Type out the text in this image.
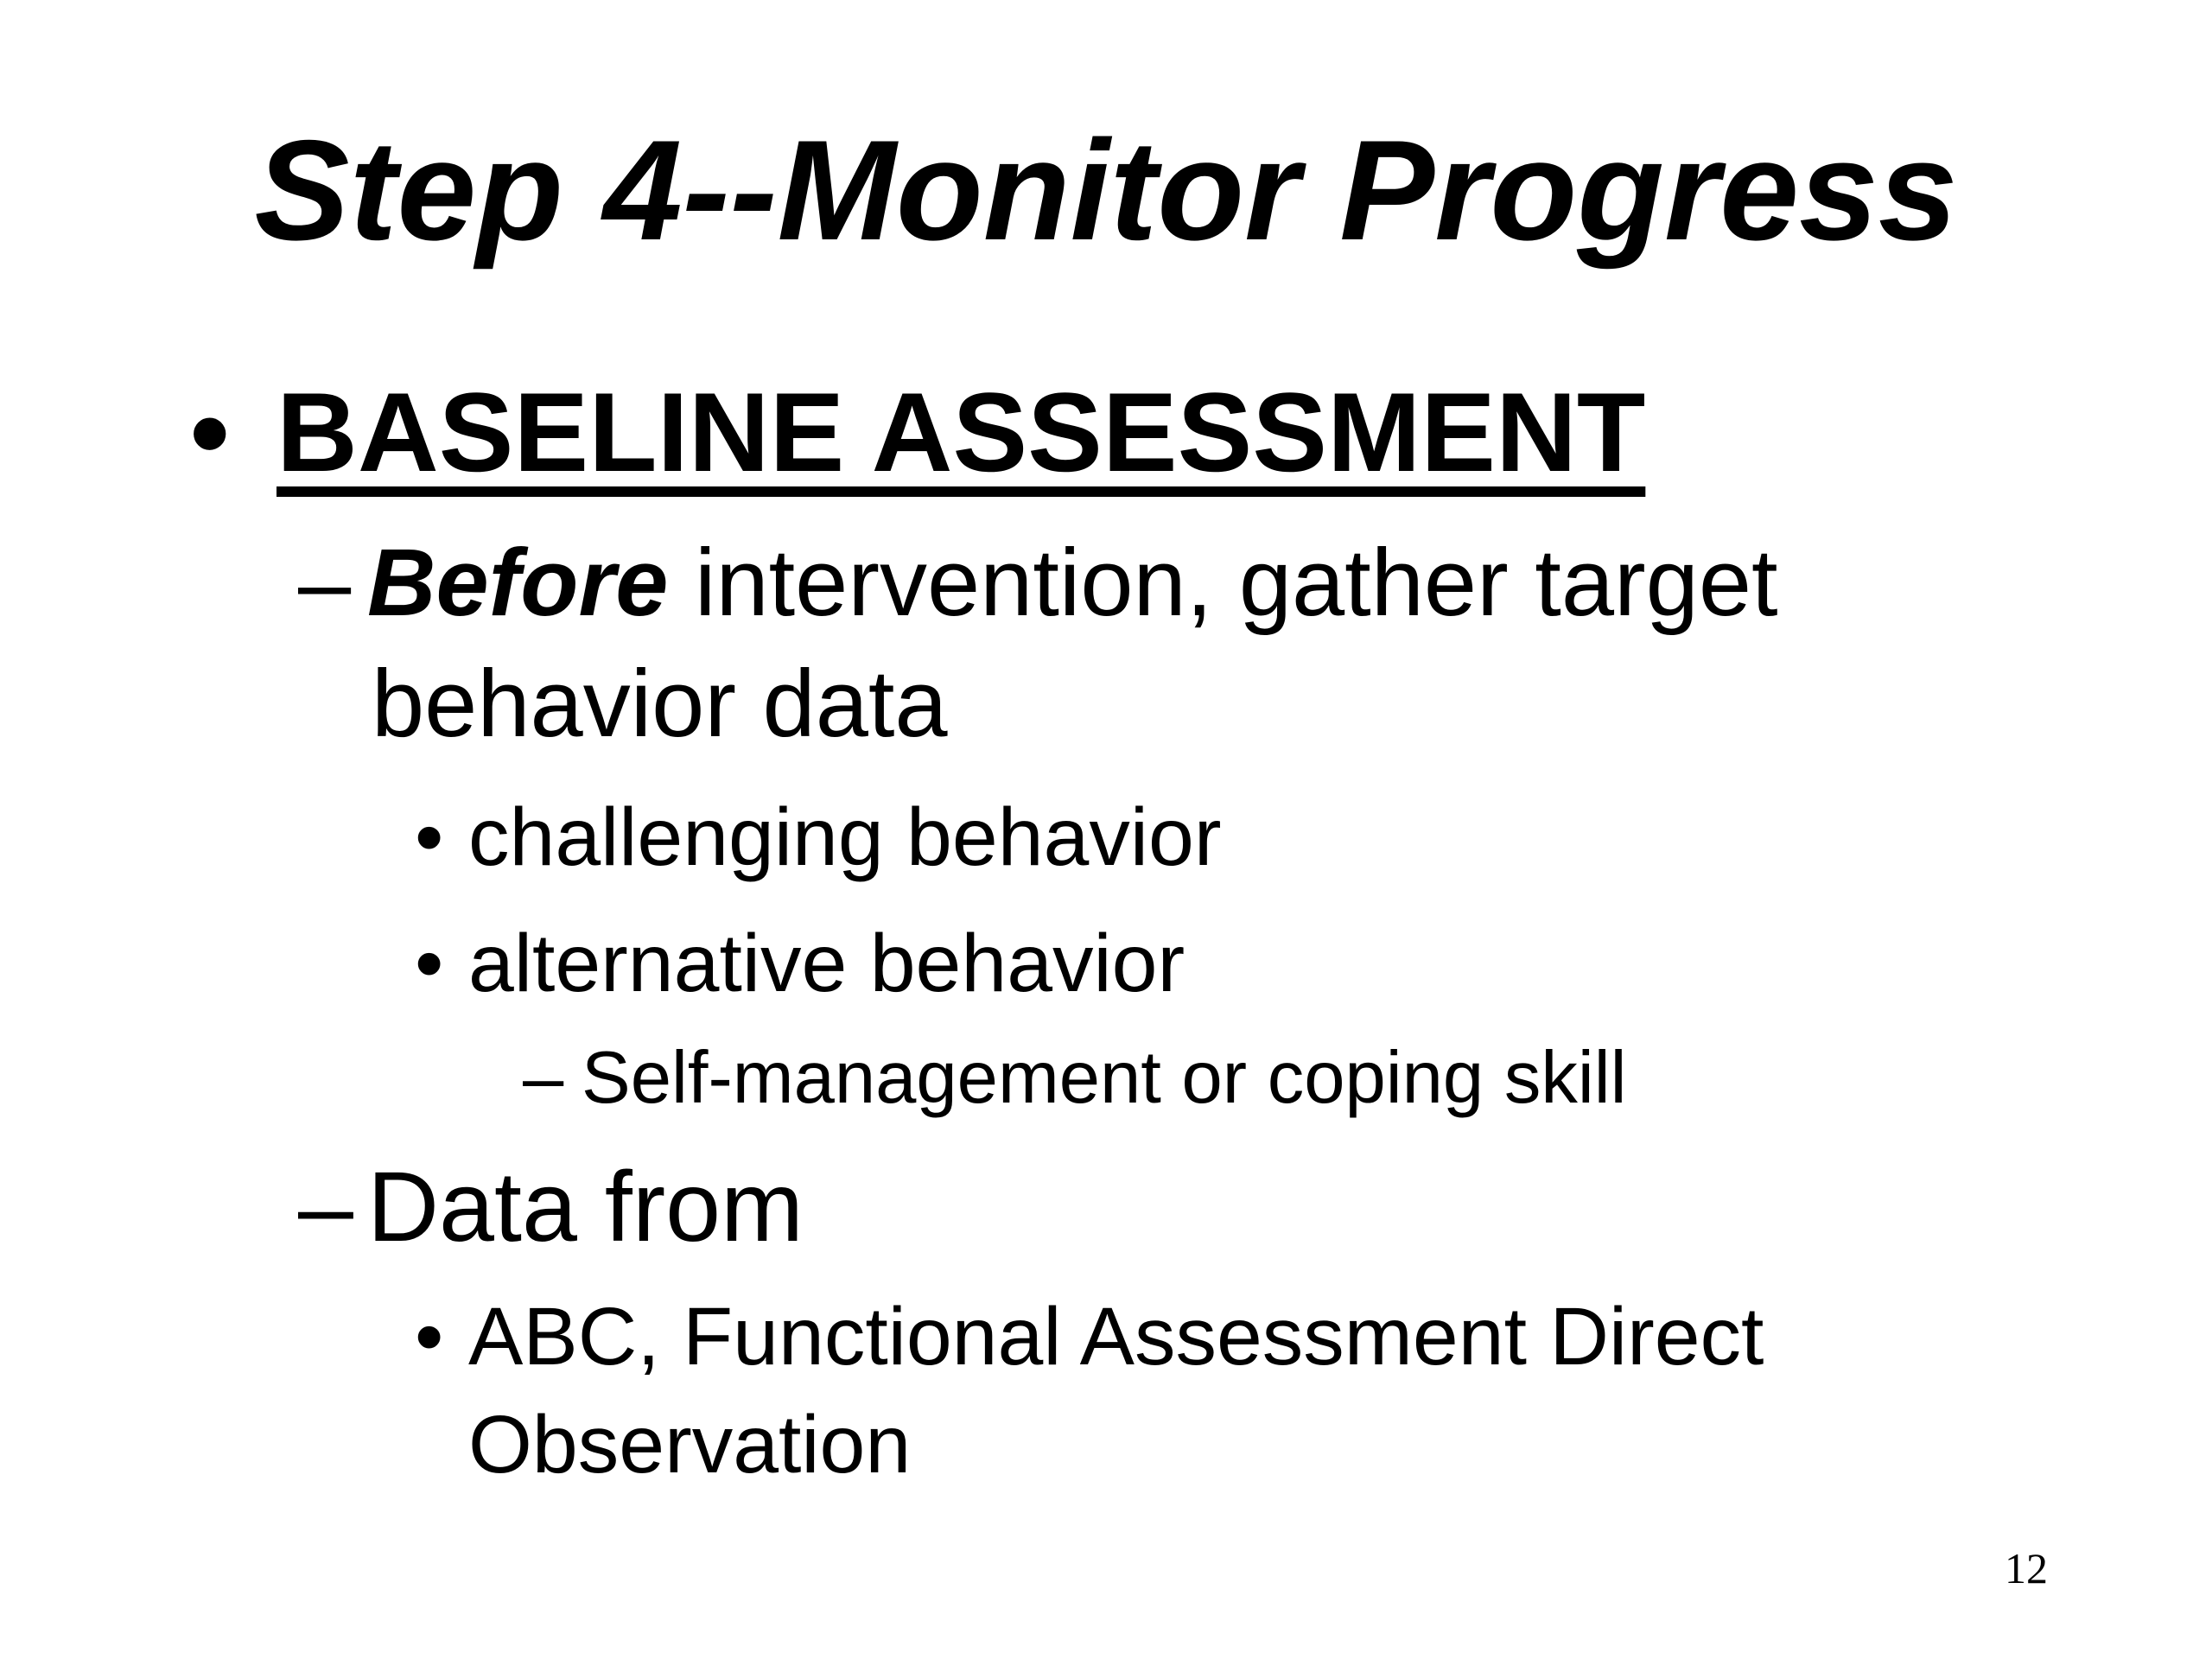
Step 4--Monitor Progress
• BASELINE ASSESSMENT
– Before intervention, gather target
behavior data
• challenging behavior
• alternative behavior
– Self-management or coping skill
– Data from
• ABC, Functional Assessment Direct
Observation
12
